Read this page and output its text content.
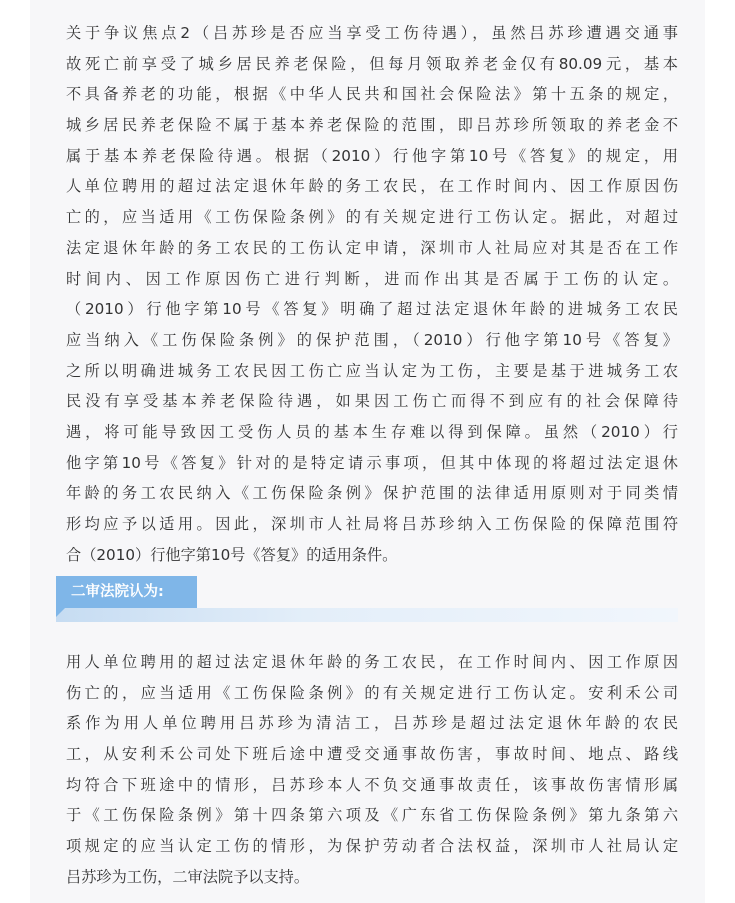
关于争议焦点2（吕苏珍是否应当享受工伤待遇），虽然吕苏珍遭遇交通事
故死亡前享受了城乡居民养老保险，但每月领取养老金仅有80.09元，基本
不具备养老的功能，根据《中华人民共和国社会保险法》第十五条的规定，
城乡居民养老保险不属于基本养老保险的范围，即吕苏珍所领取的养老金不
属于基本养老保险待遇。根据（2010）行他字第10号《答复》的规定，用
人单位聘用的超过法定退休年龄的务工农民，在工作时间内、因工作原因伤
亡的，应当适用《工伤保险条例》的有关规定进行工伤认定。据此，对超过
法定退休年龄的务工农民的工伤认定申请，深圳市人社局应对其是否在工作
时间内、因工作原因伤亡进行判断，进而作出其是否属于工伤的认定。
（2010）行他字第10号《答复》明确了超过法定退休年龄的进城务工农民
应当纳入《工伤保险条例》的保护范围，（2010）行他字第10号《答复》
之所以明确进城务工农民因工伤亡应当认定为工伤，主要是基于进城务工农
民没有享受基本养老保险待遇，如果因工伤亡而得不到应有的社会保障待
遇，将可能导致因工受伤人员的基本生存难以得到保障。虽然（2010）行
他字第10号《答复》针对的是特定请示事项，但其中体现的将超过法定退休
年龄的务工农民纳入《工伤保险条例》保护范围的法律适用原则对于同类情
形均应予以适用。因此，深圳市人社局将吕苏珍纳入工伤保险的保障范围符
合（2010）行他字第10号《答复》的适用条件。
二审法院认为:
用人单位聘用的超过法定退休年龄的务工农民，在工作时间内、因工作原因
伤亡的，应当适用《工伤保险条例》的有关规定进行工伤认定。安利禾公司
系作为用人单位聘用吕苏珍为清洁工，吕苏珍是超过法定退休年龄的农民
工，从安利禾公司处下班后途中遭受交通事故伤害，事故时间、地点、路线
均符合下班途中的情形，吕苏珍本人不负交通事故责任，该事故伤害情形属
于《工伤保险条例》第十四条第六项及《广东省工伤保险条例》第九条第六
项规定的应当认定工伤的情形，为保护劳动者合法权益，深圳市人社局认定
吕苏珍为工伤，二审法院予以支持。
